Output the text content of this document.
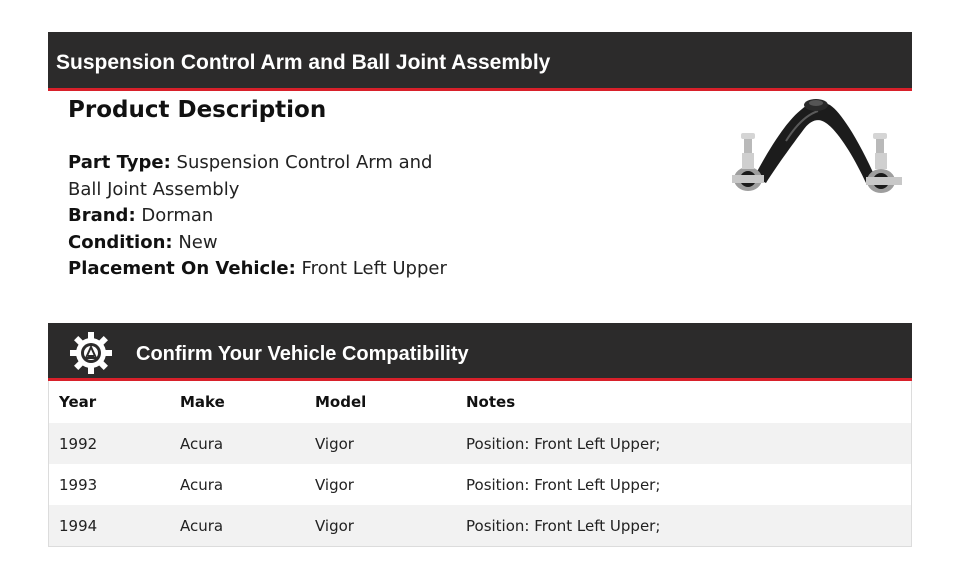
Suspension Control Arm and Ball Joint Assembly
Product Description
Part Type: Suspension Control Arm and Ball Joint Assembly
Brand: Dorman
Condition: New
Placement On Vehicle: Front Left Upper
Confirm Your Vehicle Compatibility
Year	Make	Model	Notes
1992	Acura	Vigor	Position: Front Left Upper;
1993	Acura	Vigor	Position: Front Left Upper;
1994	Acura	Vigor	Position: Front Left Upper;
